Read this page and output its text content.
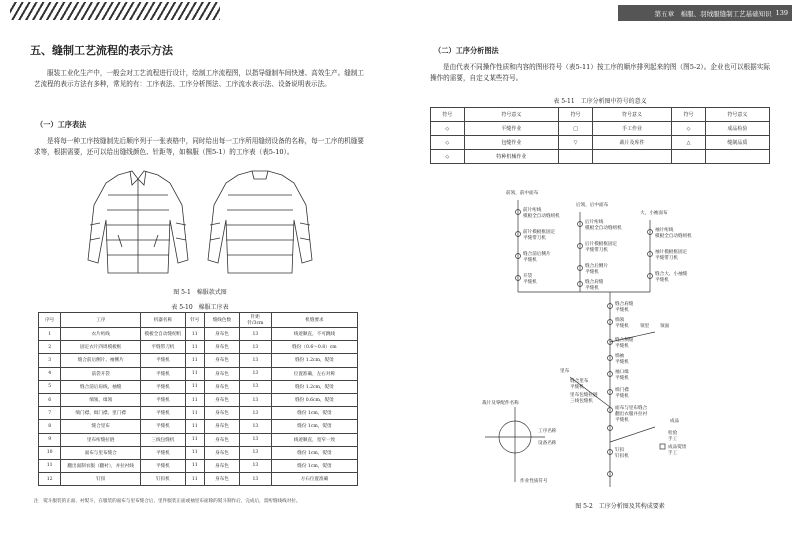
五、缝制工艺流程的表示方法
服装工业化生产中，一般会对工艺流程进行设计，绘制工序流程图，以指导缝制车间快速、高效生产。缝制工艺流程的表示方法有多种，常见的有：工序表法、工序分析图法、工序流水表示法、设备说明表示法。
（一）工序表法
是将每一种工序按缝制先后顺序列于一张表格中，同时给出每一工序所用缝纫设备的名称，每一工序的机缝要求等，根据需要，还可以给出缝线颜色、针距等，如棉服（图5-1）的工序表（表5-10）。
图 5-1　棉服款式图
表 5-10　棉服工序表
序号	工序	机器名称	针号	缝线色数	针距
针/3cm	机缝要求
1	衣片绗线	模板全自动缝纫机	11	身布色	13	线迹顺直，不可跳线
2	固定衣片四周模板框	平缝带刀机	11	身布色	13	缝份（0.6～0.8）cm
3	缝合前后侧片、袖侧片	平缝机	11	身布色	13	缝份 1.2cm，熨烫
4	前袋开袋	平缝机	11	身布色	13	位置准确，左右对称
5	缝合前后肩线、袖缝	平缝机	11	身布色	13	缝份 1.2cm，熨烫
6	绱领，缉领	平缝机	11	身布色	13	缝份 0.6cm，熨烫
7	绱门襟、缉门襟、里门襟	平缝机	11	身布色	13	缝份 1cm，熨烫
8	缝合里布	平缝机	11	身布色	13	缝份 1cm，熨烫
9	里布绗缝拉链	三线包缝机	11	身布色	13	线迹顺直，宽窄一致
10	面布与里布缝合	平缝机	11	身布色	13	缝份 1cm，熨烫
11	翻出面制衣服（翻衬），并拉衬线	平缝机	11	身布色	13	缝份 1cm，熨烫
12	钉扣	钉扣机	11	身布色	13	方石位置准确
注　熨斗服装的正面、衬熨斗，在服装的面布与里布缝合后，里件服装正面或袖里布面除的熨斗制作后，完成后，需绗缝线线对拉。
第五章　棉服、羽绒服缝制工艺基础知识 139
（二）工序分析图法
是由代表不同操作性质和内容的图形符号（表5-11）按工序的顺序排列起来的图（图5-2）。企业也可以根据实际操作的需要，自定义某些符号。
表 5-11　工序分析图中符号的意义
符号	符号意义	符号	符号意义	符号	符号意义
◇	平缝作业	□	手工作业	◇	成品检验
◇	包缝作业	▽	裁片及库件	△	缝制品质
◇	特种机械作业				
前领，前中面布
后领，后中面布
大，小袖面布
前片绗线
模板全自动缝纫机
前片模板框固定
平缝带刀机
缝合前后侧片
平缝机
开袋
平缝机
后片绗线
模板全自动缝纫机
后片模板框固定
平缝带刀机
缝合后侧片
平缝机
缝合肩缝
平缝机
袖片绗线
模板全自动缝纫机
袖片模板框固定
平缝带刀机
缝合大、小袖缝
平缝机
缝合肩缝
平缝机
绱领
平缝机
缝合侧缝
平缝机
绱袖
平缝机
袖口缉
平缝机
绱门襟
平缝机
面布与里布缝合
翻出衣服并拉衬
平缝机
钉扣
钉扣机
领里 领面
里布
缝合里布
平缝机
里布包缝拉链
三线包缝机
裁片及零配件名称
工序名称
设备名称
作业性质符号
成品
检验
手工
成品熨烫
手工
图 5-2　工序分析图及其构成要素
